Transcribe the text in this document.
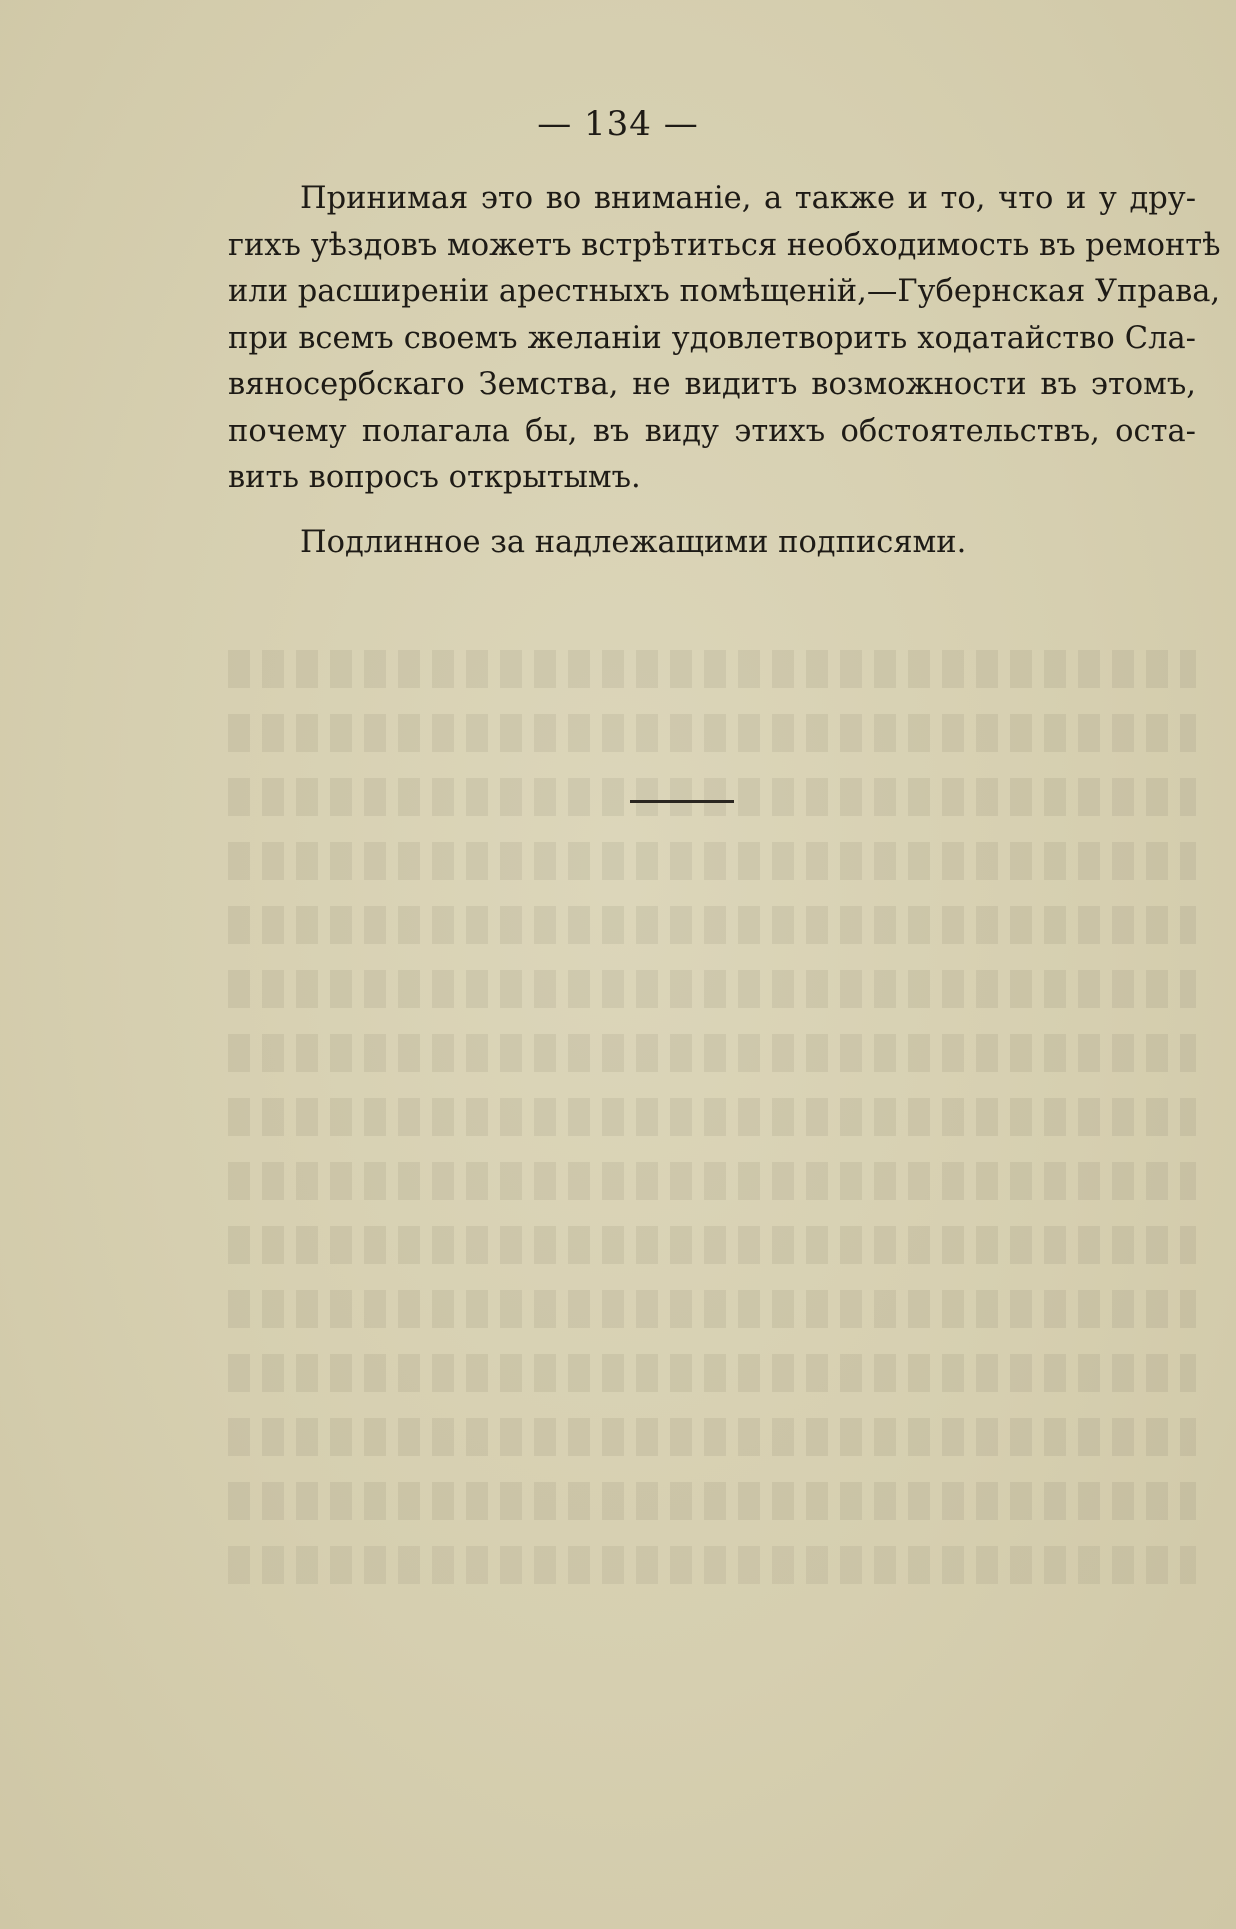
— 134 —
Принимая это во вниманіе, а также и то, что и у дру-
гихъ уѣздовъ можетъ встрѣтиться необходимость въ ремонтѣ
или расширеніи арестныхъ помѣщеній,—Губернская Управа,
при всемъ своемъ желаніи удовлетворить ходатайство Сла-
вяносербскаго Земства, не видитъ возможности въ этомъ,
почему полагала бы, въ виду этихъ обстоятельствъ, оста-
вить вопросъ открытымъ.
Подлинное за надлежащими подписями.
